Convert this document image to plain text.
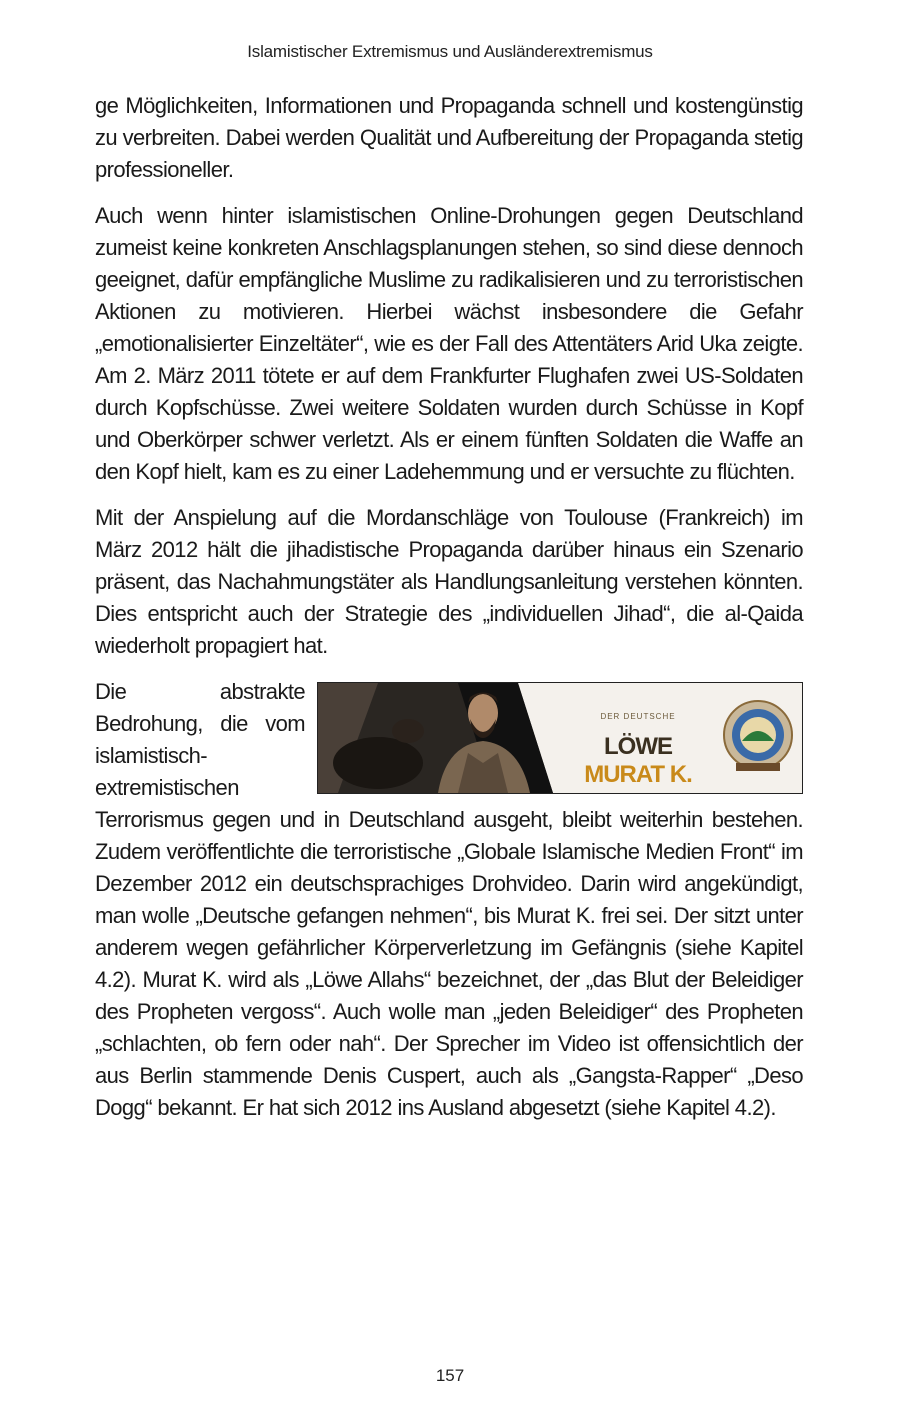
Islamistischer Extremismus und Ausländerextremismus

ge Möglichkeiten, Informationen und Propaganda schnell und kostengünstig zu verbreiten. Dabei werden Qualität und Aufbereitung der Propaganda stetig professioneller.

Auch wenn hinter islamistischen Online-Drohungen gegen Deutschland zumeist keine konkreten Anschlagsplanungen stehen, so sind diese dennoch geeignet, dafür empfängliche Muslime zu radikalisieren und zu terroristischen Aktionen zu motivieren. Hierbei wächst insbesondere die Gefahr „emotionalisierter Einzeltäter“, wie es der Fall des Attentäters Arid Uka zeigte. Am 2. März 2011 tötete er auf dem Frankfurter Flughafen zwei US-Soldaten durch Kopfschüsse. Zwei weitere Soldaten wurden durch Schüsse in Kopf und Oberkörper schwer verletzt. Als er einem fünften Soldaten die Waffe an den Kopf hielt, kam es zu einer Ladehemmung und er versuchte zu flüchten.

Mit der Anspielung auf die Mordanschläge von Toulouse (Frankreich) im März 2012 hält die jihadistische Propaganda darüber hinaus ein Szenario präsent, das Nachahmungstäter als Handlungsanleitung verstehen könnten. Dies entspricht auch der Strategie des „individuellen Jihad“, die al-Qaida wiederholt propagiert hat.

DER DEUTSCHE
LÖWE MURAT K.

Die abstrakte Bedrohung, die vom islamistisch-extremistischen Terrorismus gegen und in Deutschland ausgeht, bleibt weiterhin bestehen. Zudem veröffentlichte die terroristische „Globale Islamische Medien Front“ im Dezember 2012 ein deutschsprachiges Drohvideo. Darin wird angekündigt, man wolle „Deutsche gefangen nehmen“, bis Murat K. frei sei. Der sitzt unter anderem wegen gefährlicher Körperverletzung im Gefängnis (siehe Kapitel 4.2). Murat K. wird als „Löwe Allahs“ bezeichnet, der „das Blut der Beleidiger des Propheten vergoss“. Auch wolle man „jeden Beleidiger“ des Propheten „schlachten, ob fern oder nah“. Der Sprecher im Video ist offensichtlich der aus Berlin stammende Denis Cuspert, auch als „Gangsta-Rapper“ „Deso Dogg“ bekannt. Er hat sich 2012 ins Ausland abgesetzt (siehe Kapitel 4.2).

157
